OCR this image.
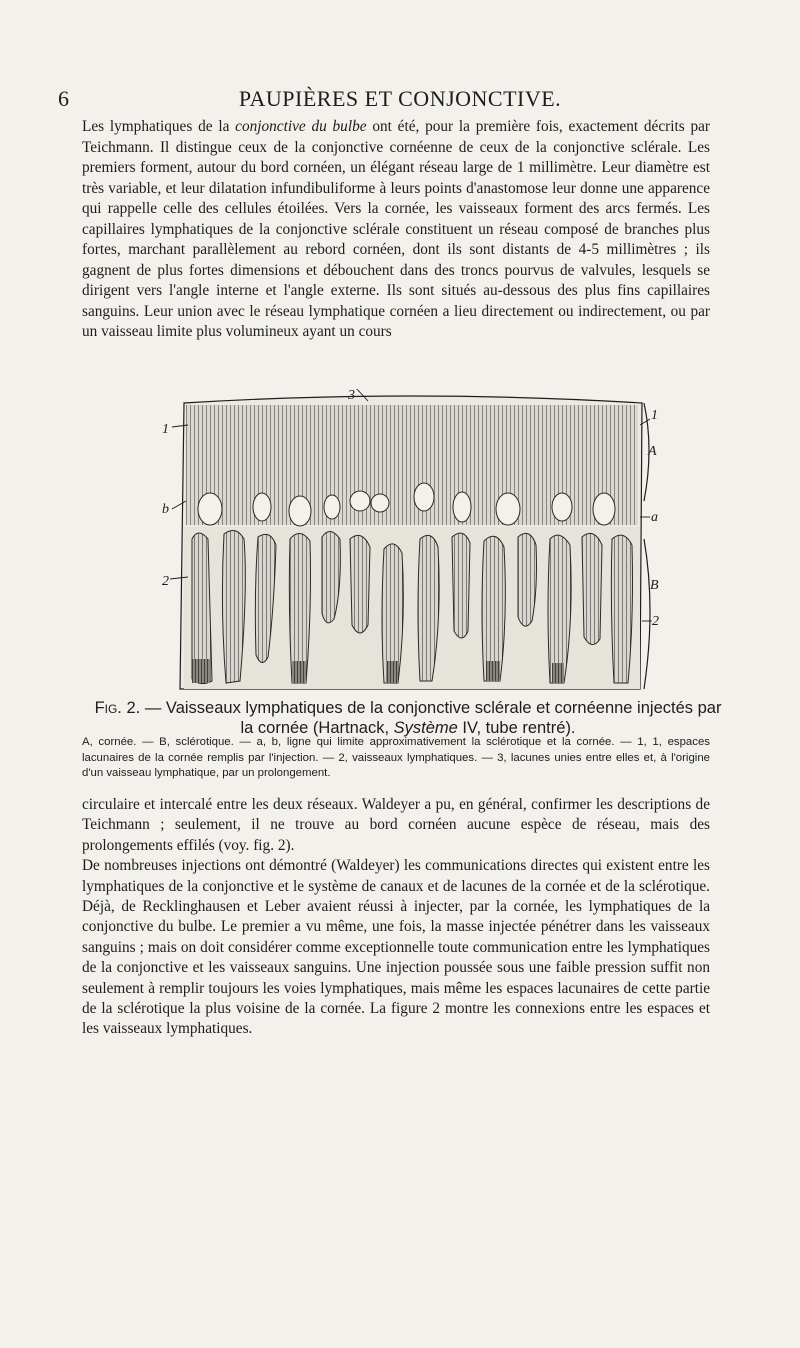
6	PAUPIÈRES ET CONJONCTIVE.

Les lymphatiques de la conjonctive du bulbe ont été, pour la première fois, exactement décrits par Teichmann. Il distingue ceux de la conjonctive cornéenne de ceux de la conjonctive sclérale. Les premiers forment, autour du bord cornéen, un élégant réseau large de 1 millimètre. Leur diamètre est très variable, et leur dilatation infundibuliforme à leurs points d'anastomose leur donne une apparence qui rappelle celle des cellules étoilées. Vers la cornée, les vaisseaux forment des arcs fermés. Les capillaires lymphatiques de la conjonctive sclérale constituent un réseau composé de branches plus fortes, marchant parallèlement au rebord cornéen, dont ils sont distants de 4-5 millimètres ; ils gagnent de plus fortes dimensions et débouchent dans des troncs pourvus de valvules, lesquels se dirigent vers l'angle interne et l'angle externe. Ils sont situés au-dessous des plus fins capillaires sanguins. Leur union avec le réseau lymphatique cornéen a lieu directement ou indirectement, ou par un vaisseau limite plus volumineux ayant un cours

3
1
b
2
1
A
a
B
2
Fig. 2. — Vaisseaux lymphatiques de la conjonctive sclérale et cornéenne injectés par la cornée (Hartnack, Système IV, tube rentré).
A, cornée. — B, sclérotique. — a, b, ligne qui limite approximativement la sclérotique et la cornée. — 1, 1, espaces lacunaires de la cornée remplis par l'injection. — 2, vaisseaux lymphatiques. — 3, lacunes unies entre elles et, à l'origine d'un vaisseau lymphatique, par un prolongement.

circulaire et intercalé entre les deux réseaux. Waldeyer a pu, en général, confirmer les descriptions de Teichmann ; seulement, il ne trouve au bord cornéen aucune espèce de réseau, mais des prolongements effilés (voy. fig. 2).

De nombreuses injections ont démontré (Waldeyer) les communications directes qui existent entre les lymphatiques de la conjonctive et le système de canaux et de lacunes de la cornée et de la sclérotique. Déjà, de Recklinghausen et Leber avaient réussi à injecter, par la cornée, les lymphatiques de la conjonctive du bulbe. Le premier a vu même, une fois, la masse injectée pénétrer dans les vaisseaux sanguins ; mais on doit considérer comme exceptionnelle toute communication entre les lymphatiques de la conjonctive et les vaisseaux sanguins. Une injection poussée sous une faible pression suffit non seulement à remplir toujours les voies lymphatiques, mais même les espaces lacunaires de cette partie de la sclérotique la plus voisine de la cornée. La figure 2 montre les connexions entre les espaces et les vaisseaux lymphatiques.
